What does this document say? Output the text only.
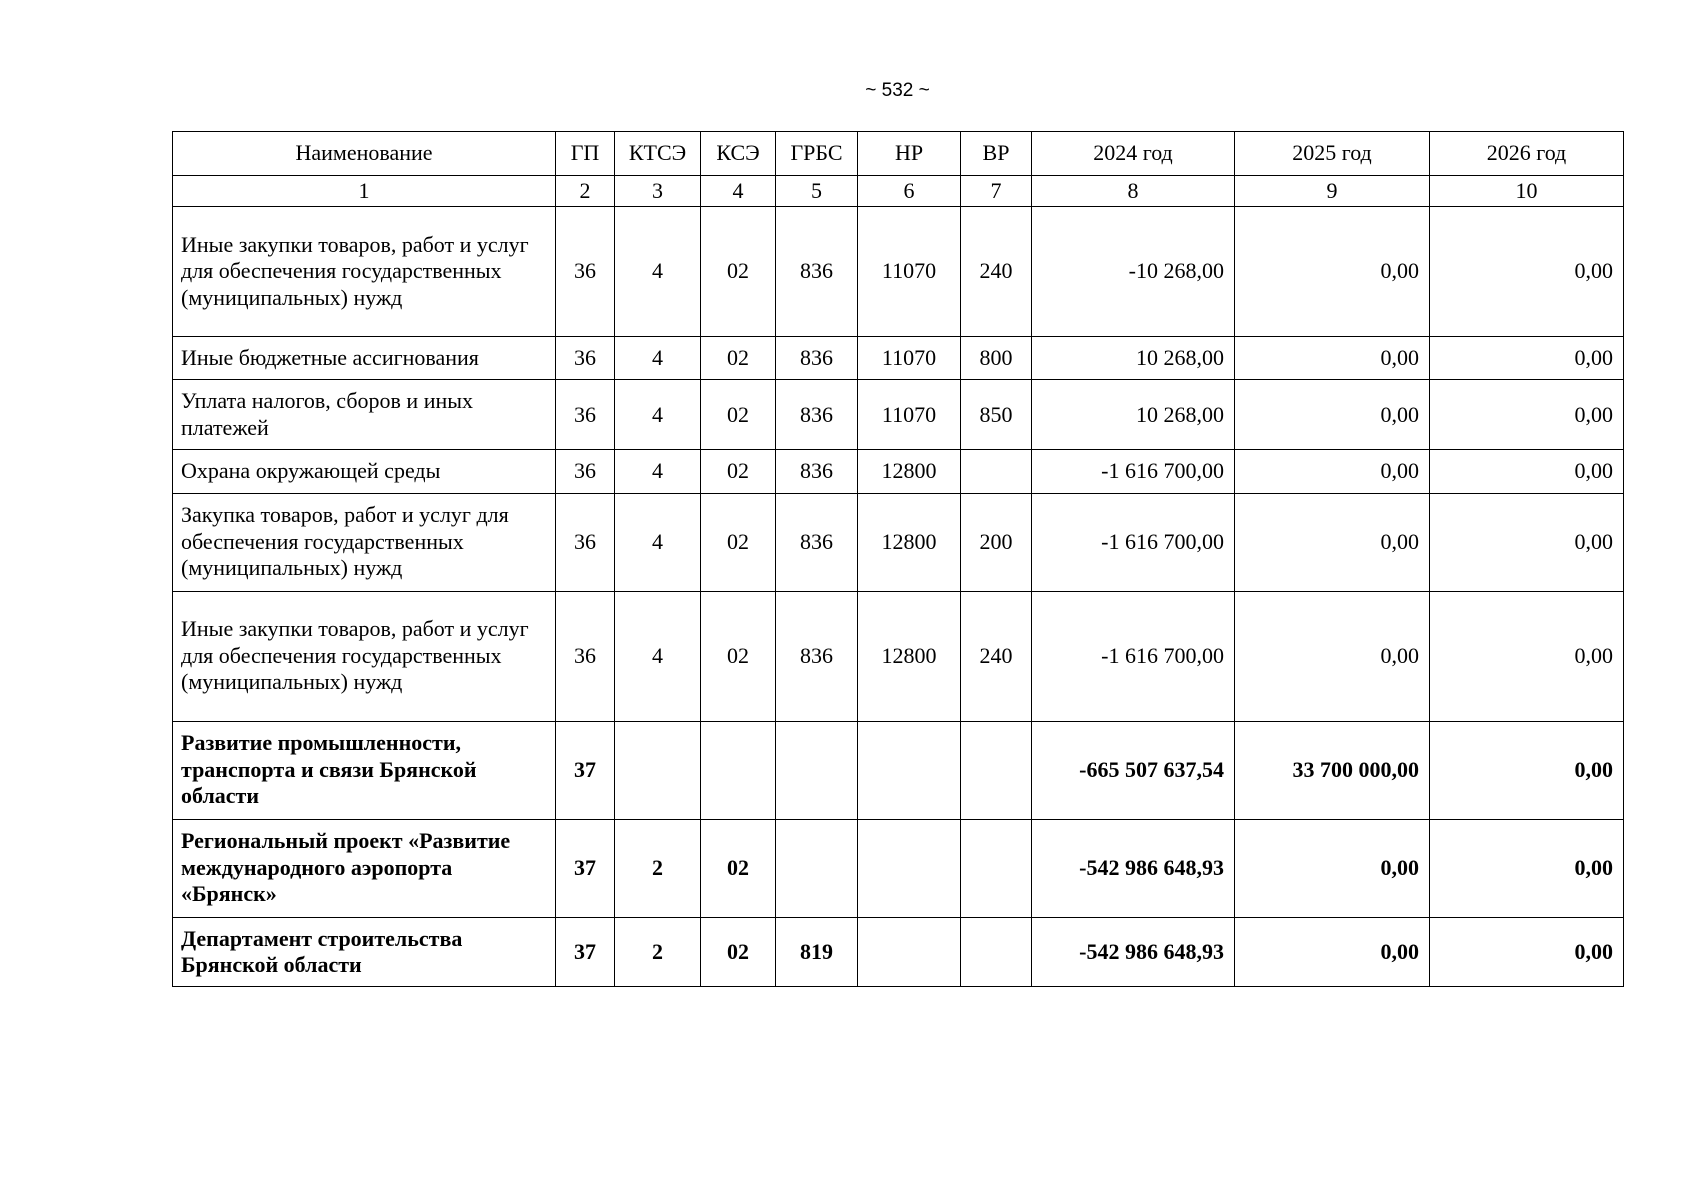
~ 532 ~
Наименование	ГП	КТСЭ	КСЭ	ГРБС	НР	ВР	2024 год	2025 год	2026 год
1	2	3	4	5	6	7	8	9	10
Иные закупки товаров, работ и услуг для обеспечения государственных (муниципальных) нужд	36	4	02	836	11070	240	-10 268,00	0,00	0,00
Иные бюджетные ассигнования	36	4	02	836	11070	800	10 268,00	0,00	0,00
Уплата налогов, сборов и иных платежей	36	4	02	836	11070	850	10 268,00	0,00	0,00
Охрана окружающей среды	36	4	02	836	12800		-1 616 700,00	0,00	0,00
Закупка товаров, работ и услуг для обеспечения государственных (муниципальных) нужд	36	4	02	836	12800	200	-1 616 700,00	0,00	0,00
Иные закупки товаров, работ и услуг для обеспечения государственных (муниципальных) нужд	36	4	02	836	12800	240	-1 616 700,00	0,00	0,00
Развитие промышленности, транспорта и связи Брянской области	37						-665 507 637,54	33 700 000,00	0,00
Региональный проект «Развитие международного аэропорта «Брянск»	37	2	02				-542 986 648,93	0,00	0,00
Департамент строительства Брянской области	37	2	02	819			-542 986 648,93	0,00	0,00
